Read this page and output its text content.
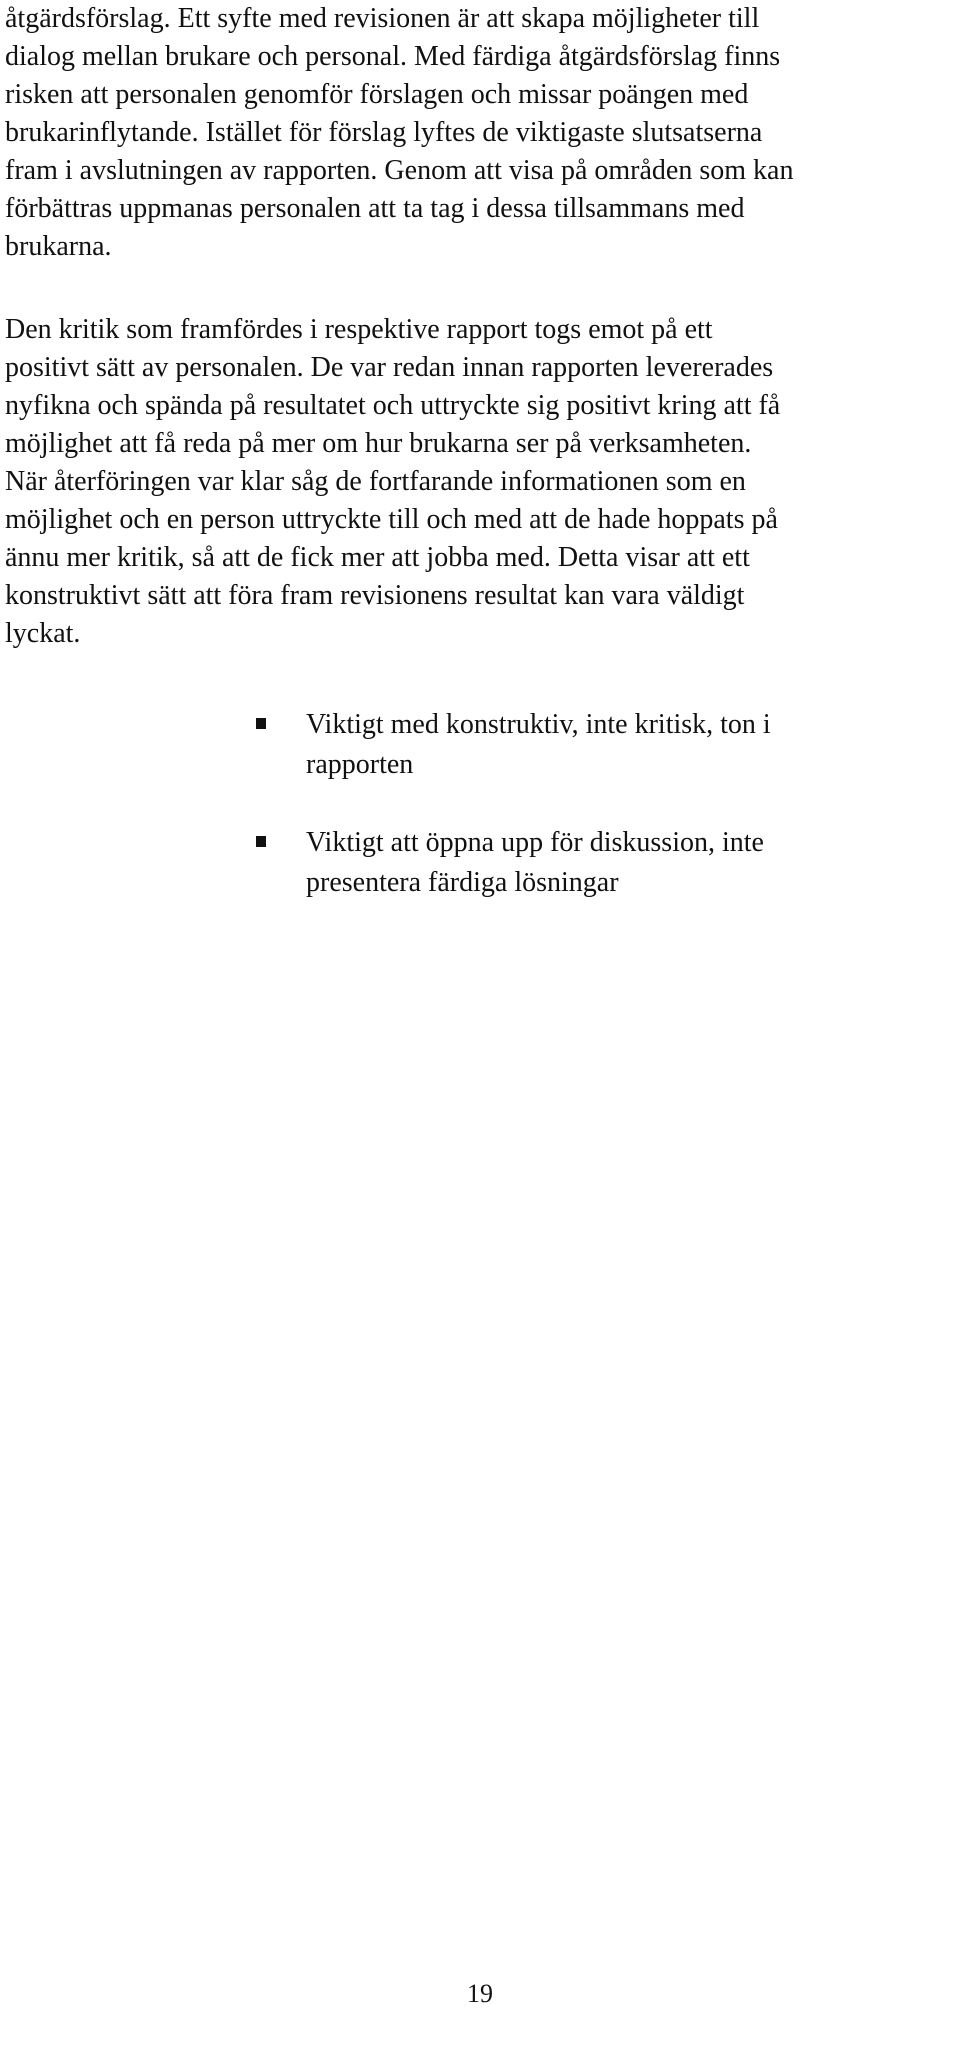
åtgärdsförslag. Ett syfte med revisionen är att skapa möjligheter till
dialog mellan brukare och personal. Med färdiga åtgärdsförslag finns
risken att personalen genomför förslagen och missar poängen med
brukarinflytande. Istället för förslag lyftes de viktigaste slutsatserna
fram i avslutningen av rapporten. Genom att visa på områden som kan
förbättras uppmanas personalen att ta tag i dessa tillsammans med
brukarna.

Den kritik som framfördes i respektive rapport togs emot på ett
positivt sätt av personalen. De var redan innan rapporten levererades
nyfikna och spända på resultatet och uttryckte sig positivt kring att få
möjlighet att få reda på mer om hur brukarna ser på verksamheten.
När återföringen var klar såg de fortfarande informationen som en
möjlighet och en person uttryckte till och med att de hade hoppats på
ännu mer kritik, så att de fick mer att jobba med. Detta visar att ett
konstruktivt sätt att föra fram revisionens resultat kan vara väldigt
lyckat.

Viktigt med konstruktiv, inte kritisk, ton i
rapporten
Viktigt att öppna upp för diskussion, inte
presentera färdiga lösningar
19
